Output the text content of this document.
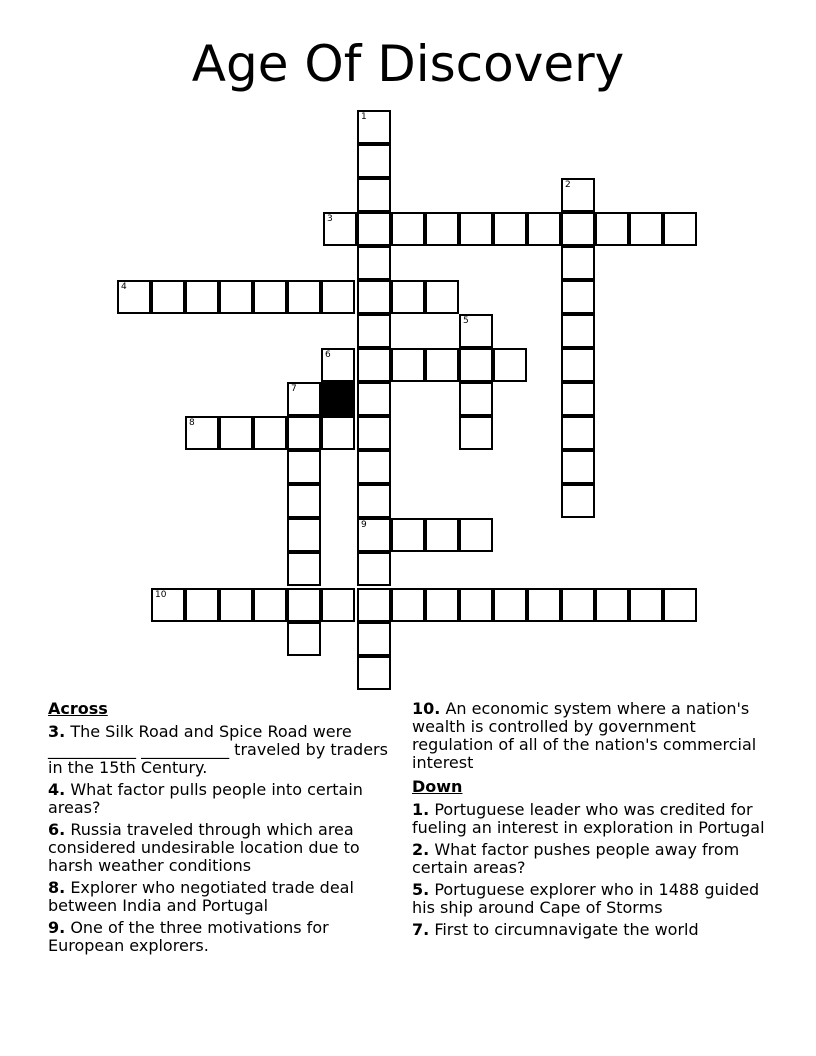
Age Of Discovery
1
2
3
4
5
6
7
8
9
10
Across
3. The Silk Road and Spice Road were ___________ ___________ traveled by traders in the 15th Century.
4. What factor pulls people into certain areas?
6. Russia traveled through which area considered undesirable location due to harsh weather conditions
8. Explorer who negotiated trade deal between India and Portugal
9. One of the three motivations for European explorers.
10. An economic system where a nation's wealth is controlled by government regulation of all of the nation's commercial interest
Down
1. Portuguese leader who was credited for fueling an interest in exploration in Portugal
2. What factor pushes people away from certain areas?
5. Portuguese explorer who in 1488 guided his ship around Cape of Storms
7. First to circumnavigate the world
